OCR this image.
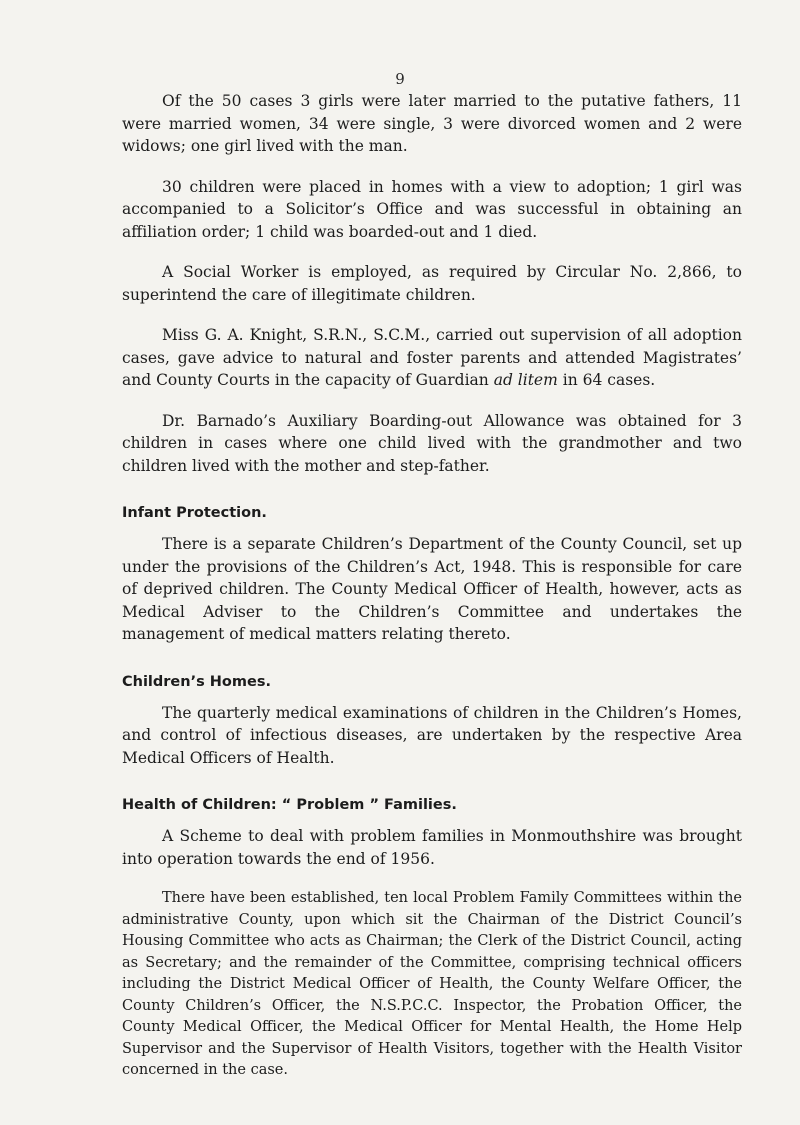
9

Of the 50 cases 3 girls were later married to the putative fathers, 11 were married women, 34 were single, 3 were divorced women and 2 were widows; one girl lived with the man.

30 children were placed in homes with a view to adoption; 1 girl was accompanied to a Solicitor’s Office and was successful in obtaining an affiliation order; 1 child was boarded-out and 1 died.

A Social Worker is employed, as required by Circular No. 2,866, to superintend the care of illegitimate children.

Miss G. A. Knight, S.R.N., S.C.M., carried out supervision of all adoption cases, gave advice to natural and foster parents and attended Magistrates’ and County Courts in the capacity of Guardian ad litem in 64 cases.

Dr. Barnado’s Auxiliary Boarding-out Allowance was obtained for 3 children in cases where one child lived with the grandmother and two children lived with the mother and step-father.

Infant Protection.

There is a separate Children’s Department of the County Council, set up under the provisions of the Children’s Act, 1948. This is responsible for care of deprived children. The County Medical Officer of Health, however, acts as Medical Adviser to the Children’s Committee and undertakes the management of medical matters relating thereto.

Children’s Homes.

The quarterly medical examinations of children in the Children’s Homes, and control of infectious diseases, are undertaken by the respective Area Medical Officers of Health.

Health of Children: “ Problem ” Families.

A Scheme to deal with problem families in Monmouthshire was brought into operation towards the end of 1956.

There have been established, ten local Problem Family Committees within the administrative County, upon which sit the Chairman of the District Council’s Housing Committee who acts as Chairman; the Clerk of the District Council, acting as Secretary; and the remainder of the Committee, comprising technical officers including the District Medical Officer of Health, the County Welfare Officer, the County Children’s Officer, the N.S.P.C.C. Inspector, the Probation Officer, the County Medical Officer, the Medical Officer for Mental Health, the Home Help Supervisor and the Supervisor of Health Visitors, together with the Health Visitor concerned in the case.
